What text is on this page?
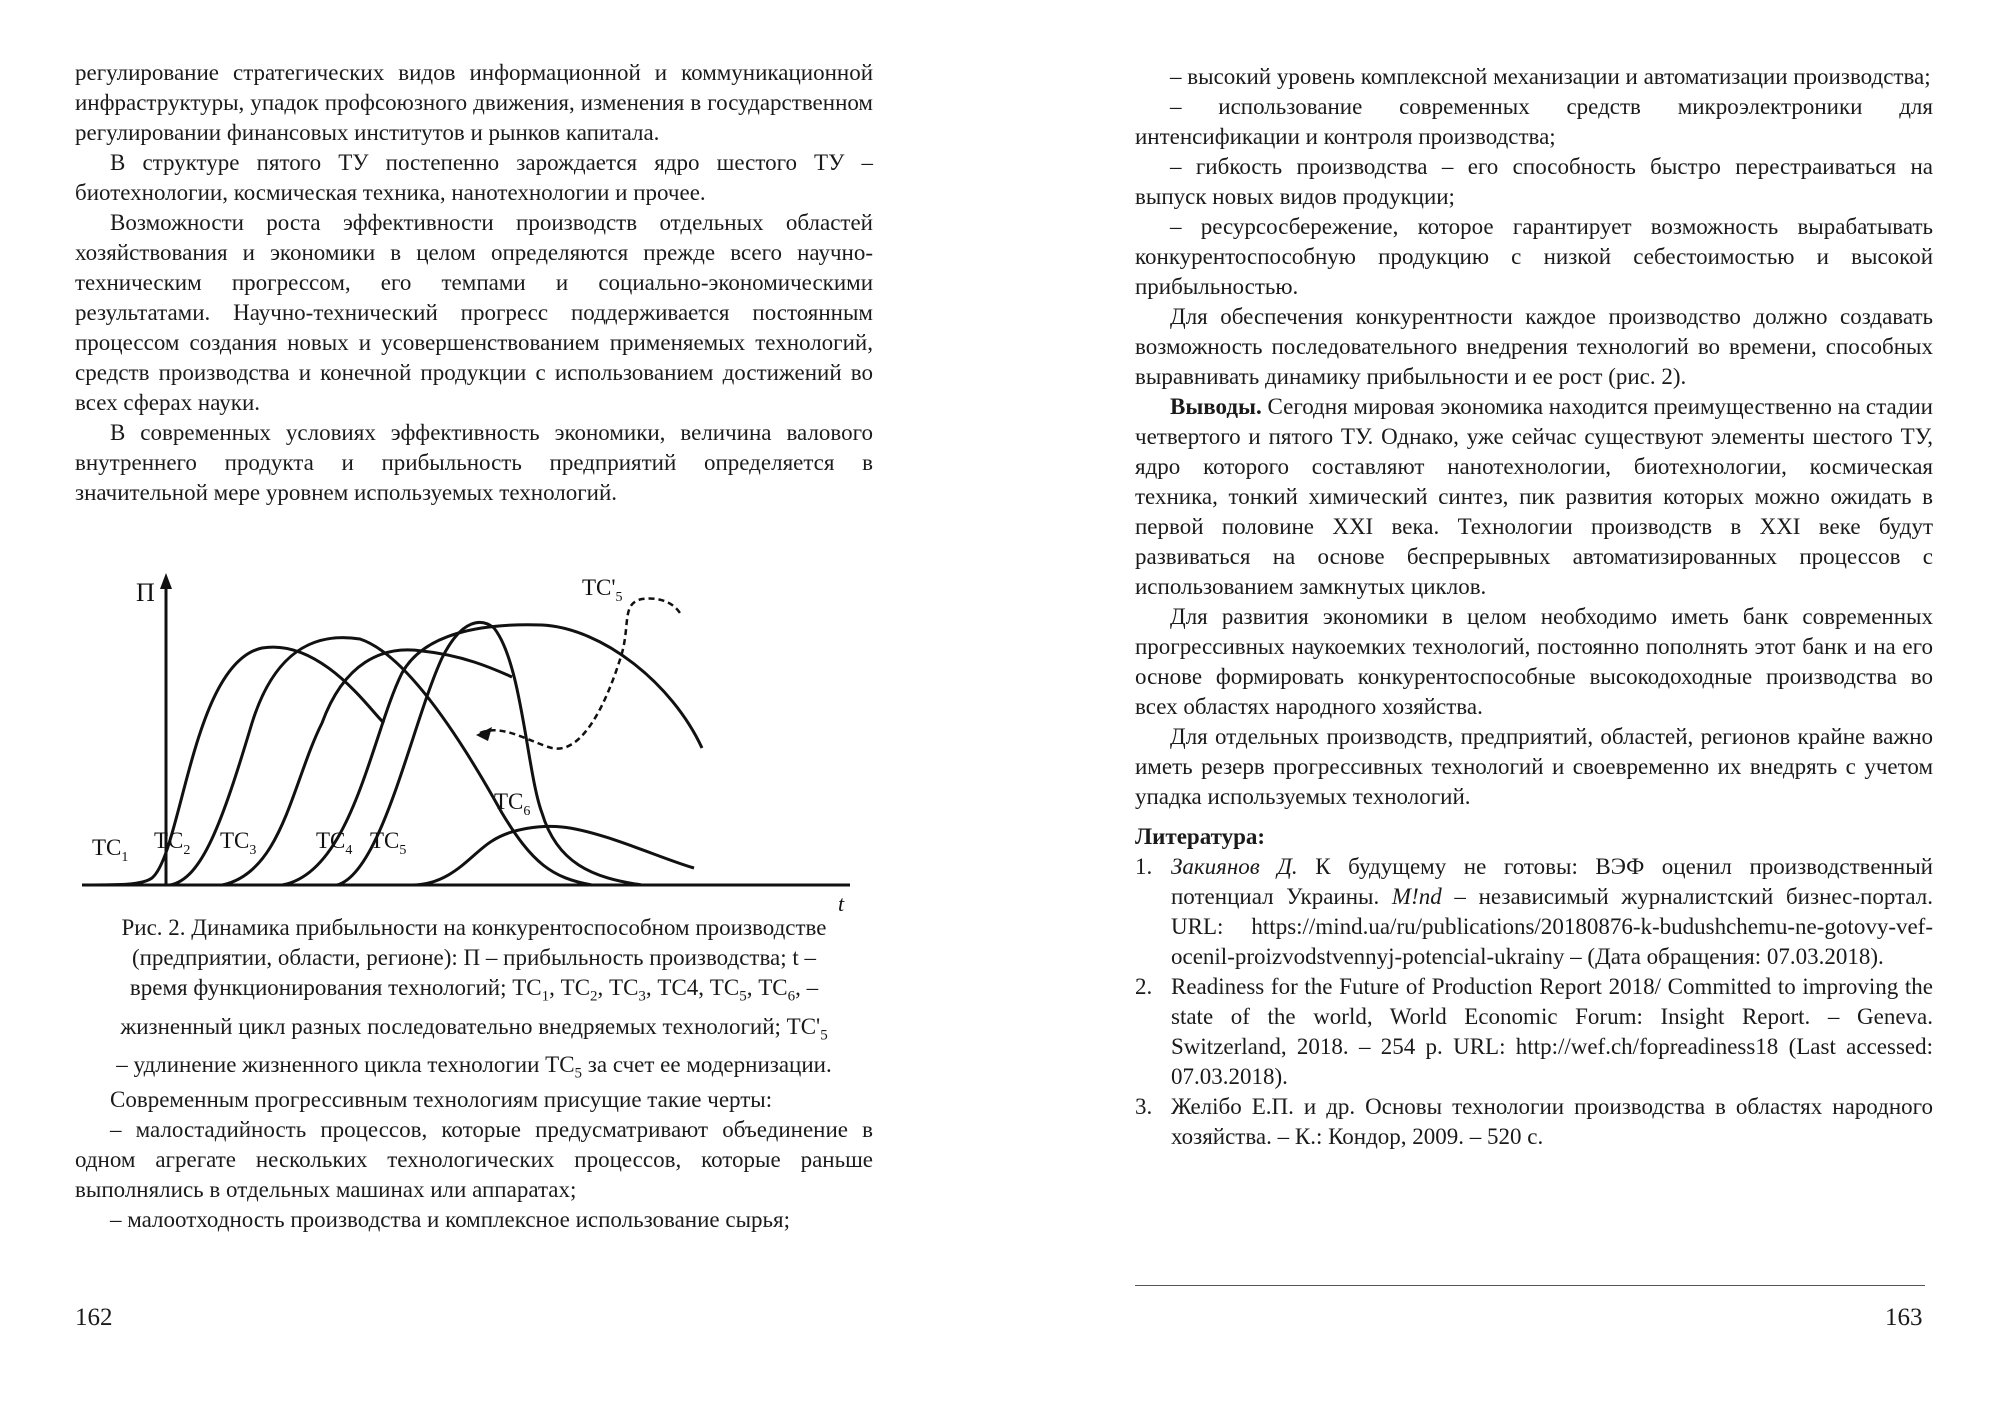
регулирование стратегических видов информационной и коммуникационной инфраструктуры, упадок профсоюзного движения, изменения в государственном регулировании финансовых институтов и рынков капитала.

В структуре пятого ТУ постепенно зарождается ядро шестого ТУ – биотехнологии, космическая техника, нанотехнологии и прочее.

Возможности роста эффективности производств отдельных областей хозяйствования и экономики в целом определяются прежде всего научно-техническим прогрессом, его темпами и социально-экономическими результатами. Научно-технический прогресс поддерживается постоянным процессом создания новых и усовершенствованием применяемых технологий, средств производства и конечной продукции с использованием достижений во всех сферах науки.

В современных условиях эффективность экономики, величина валового внутреннего продукта и прибыльность предприятий определяется в значительной мере уровнем используемых технологий.

П
t
$ТС_1$
$ТС_2$ $ТС_3$	$ТС_4$ $ТС_5$
$ТС_6$
$ТС'_5$
Рис. 2. Динамика прибыльности на конкурентоспособном производстве
(предприятии, области, регионе): П – прибыльность производства; t –
время функционирования технологий; $ТС_1$, $ТС_2$, $ТС_3$, ТС4, $ТС_5$, $ТС_6$, –
жизненный цикл разных последовательно внедряемых технологий; $ТС'_5$
– удлинение жизненного цикла технологии $ТС_5$ за счет ее модернизации.

Современным прогрессивным технологиям присущие такие черты:

– малостадийность процессов, которые предусматривают объединение в одном агрегате нескольких технологических процессов, которые раньше выполнялись в отдельных машинах или аппаратах;

– малоотходность производства и комплексное использование сырья;

162

– высокий уровень комплексной механизации и автоматизации производства;

– использование современных средств микроэлектроники для интенсификации и контроля производства;

– гибкость производства – его способность быстро перестраиваться на выпуск новых видов продукции;

– ресурсосбережение, которое гарантирует возможность вырабатывать конкурентоспособную продукцию с низкой себестоимостью и высокой прибыльностью.

Для обеспечения конкурентности каждое производство должно создавать возможность последовательного внедрения технологий во времени, способных выравнивать динамику прибыльности и ее рост (рис. 2).

Выводы. Сегодня мировая экономика находится преимущественно на стадии четвертого и пятого ТУ. Однако, уже сейчас существуют элементы шестого ТУ, ядро которого составляют нанотехнологии, биотехнологии, космическая техника, тонкий химический синтез, пик развития которых можно ожидать в первой половине XXI века. Технологии производств в XXI веке будут развиваться на основе беспрерывных автоматизированных процессов с использованием замкнутых циклов.

Для развития экономики в целом необходимо иметь банк современных прогрессивных наукоемких технологий, постоянно пополнять этот банк и на его основе формировать конкурентоспособные высокодоходные производства во всех областях народного хозяйства.

Для отдельных производств, предприятий, областей, регионов крайне важно иметь резерв прогрессивных технологий и своевременно их внедрять с учетом упадка используемых технологий.

Литература:

1. Закиянов Д. К будущему не готовы: ВЭФ оценил производственный потенциал Украины. M!nd – независимый журналистский бизнес-портал. URL: https://mind.ua/ru/publications/20180876-k-budushchemu-ne-gotovy-vef-ocenil-proizvodstvennyj-potencial-ukrainy – (Дата обращения: 07.03.2018).
2. Readiness for the Future of Production Report 2018/ Committed to improving the state of the world, World Economic Forum: Insight Report. – Geneva. Switzerland, 2018. – 254 p. URL: http://wef.ch/fopreadiness18 (Last accessed: 07.03.2018).
3. Желібо Е.П. и др. Основы технологии производства в областях народного хозяйства. – К.: Кондор, 2009. – 520 с.
163
